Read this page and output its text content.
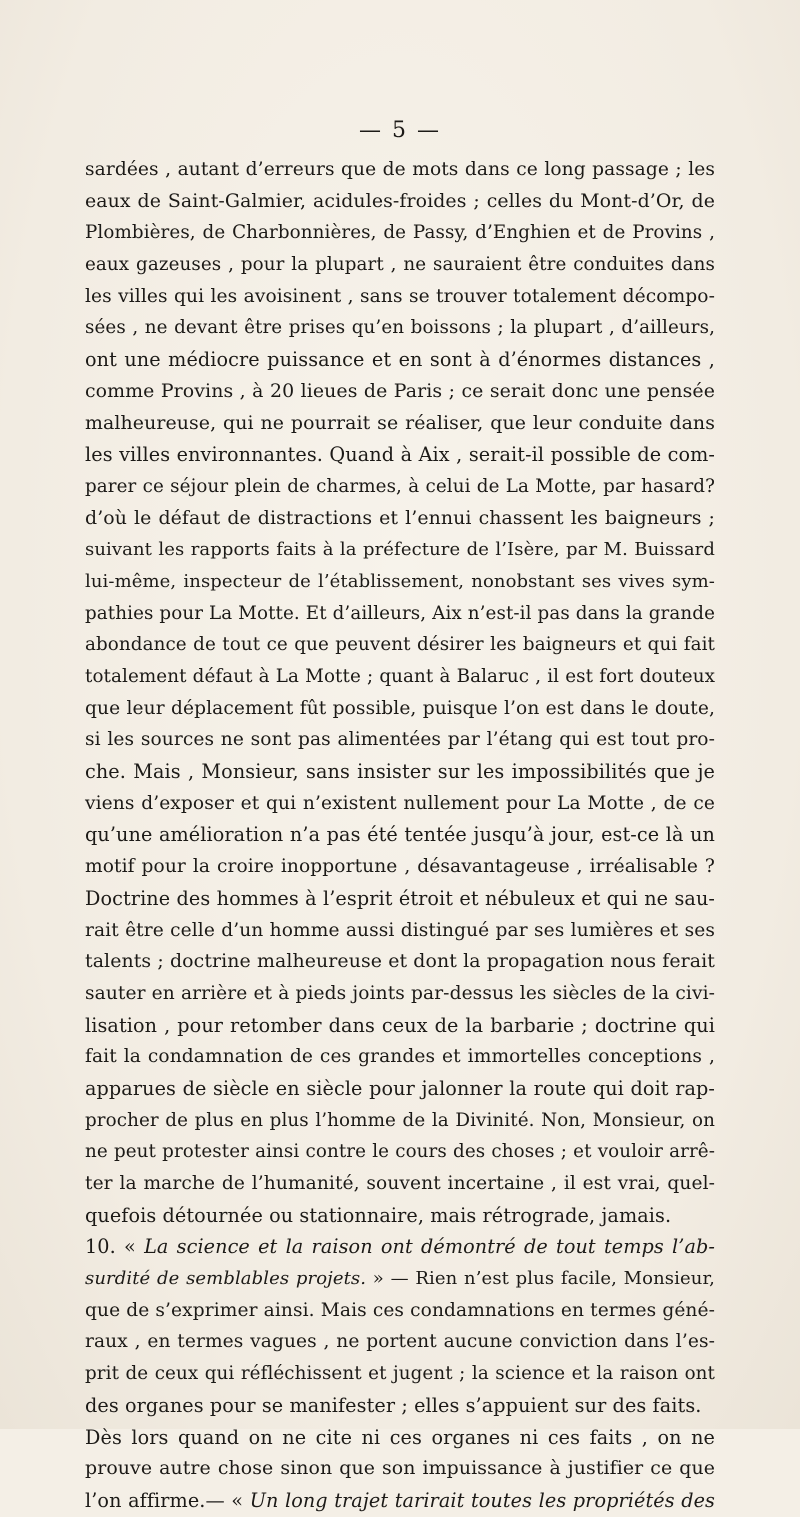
— 5 —
sardées , autant d’erreurs que de mots dans ce long passage ; les
eaux de Saint-Galmier, acidules-froides ; celles du Mont-d’Or, de
Plombières, de Charbonnières, de Passy, d’Enghien et de Provins ,
eaux gazeuses , pour la plupart , ne sauraient être conduites dans
les villes qui les avoisinent , sans se trouver totalement décompo-
sées , ne devant être prises qu’en boissons ; la plupart , d’ailleurs,
ont une médiocre puissance et en sont à d’énormes distances ,
comme Provins , à 20 lieues de Paris ; ce serait donc une pensée
malheureuse, qui ne pourrait se réaliser, que leur conduite dans
les villes environnantes. Quand à Aix , serait-il possible de com-
parer ce séjour plein de charmes, à celui de La Motte, par hasard?
d’où le défaut de distractions et l’ennui chassent les baigneurs ;
suivant les rapports faits à la préfecture de l’Isère, par M. Buissard
lui-même, inspecteur de l’établissement, nonobstant ses vives sym-
pathies pour La Motte. Et d’ailleurs, Aix n’est-il pas dans la grande
abondance de tout ce que peuvent désirer les baigneurs et qui fait
totalement défaut à La Motte ; quant à Balaruc , il est fort douteux
que leur déplacement fût possible, puisque l’on est dans le doute,
si les sources ne sont pas alimentées par l’étang qui est tout pro-
che. Mais , Monsieur, sans insister sur les impossibilités que je
viens d’exposer et qui n’existent nullement pour La Motte , de ce
qu’une amélioration n’a pas été tentée jusqu’à jour, est-ce là un
motif pour la croire inopportune , désavantageuse , irréalisable ?
Doctrine des hommes à l’esprit étroit et nébuleux et qui ne sau-
rait être celle d’un homme aussi distingué par ses lumières et ses
talents ; doctrine malheureuse et dont la propagation nous ferait
sauter en arrière et à pieds joints par-dessus les siècles de la civi-
lisation , pour retomber dans ceux de la barbarie ; doctrine qui
fait la condamnation de ces grandes et immortelles conceptions ,
apparues de siècle en siècle pour jalonner la route qui doit rap-
procher de plus en plus l’homme de la Divinité. Non, Monsieur, on
ne peut protester ainsi contre le cours des choses ; et vouloir arrê-
ter la marche de l’humanité, souvent incertaine , il est vrai, quel-
quefois détournée ou stationnaire, mais rétrograde, jamais.
10. « La science et la raison ont démontré de tout temps l’ab-
surdité de semblables projets. » — Rien n’est plus facile, Monsieur,
que de s’exprimer ainsi. Mais ces condamnations en termes géné-
raux , en termes vagues , ne portent aucune conviction dans l’es-
prit de ceux qui réfléchissent et jugent ; la science et la raison ont
des organes pour se manifester ; elles s’appuient sur des faits.
Dès lors quand on ne cite ni ces organes ni ces faits , on ne
prouve autre chose sinon que son impuissance à justifier ce que
l’on affirme.— « Un long trajet tarirait toutes les propriétés des
